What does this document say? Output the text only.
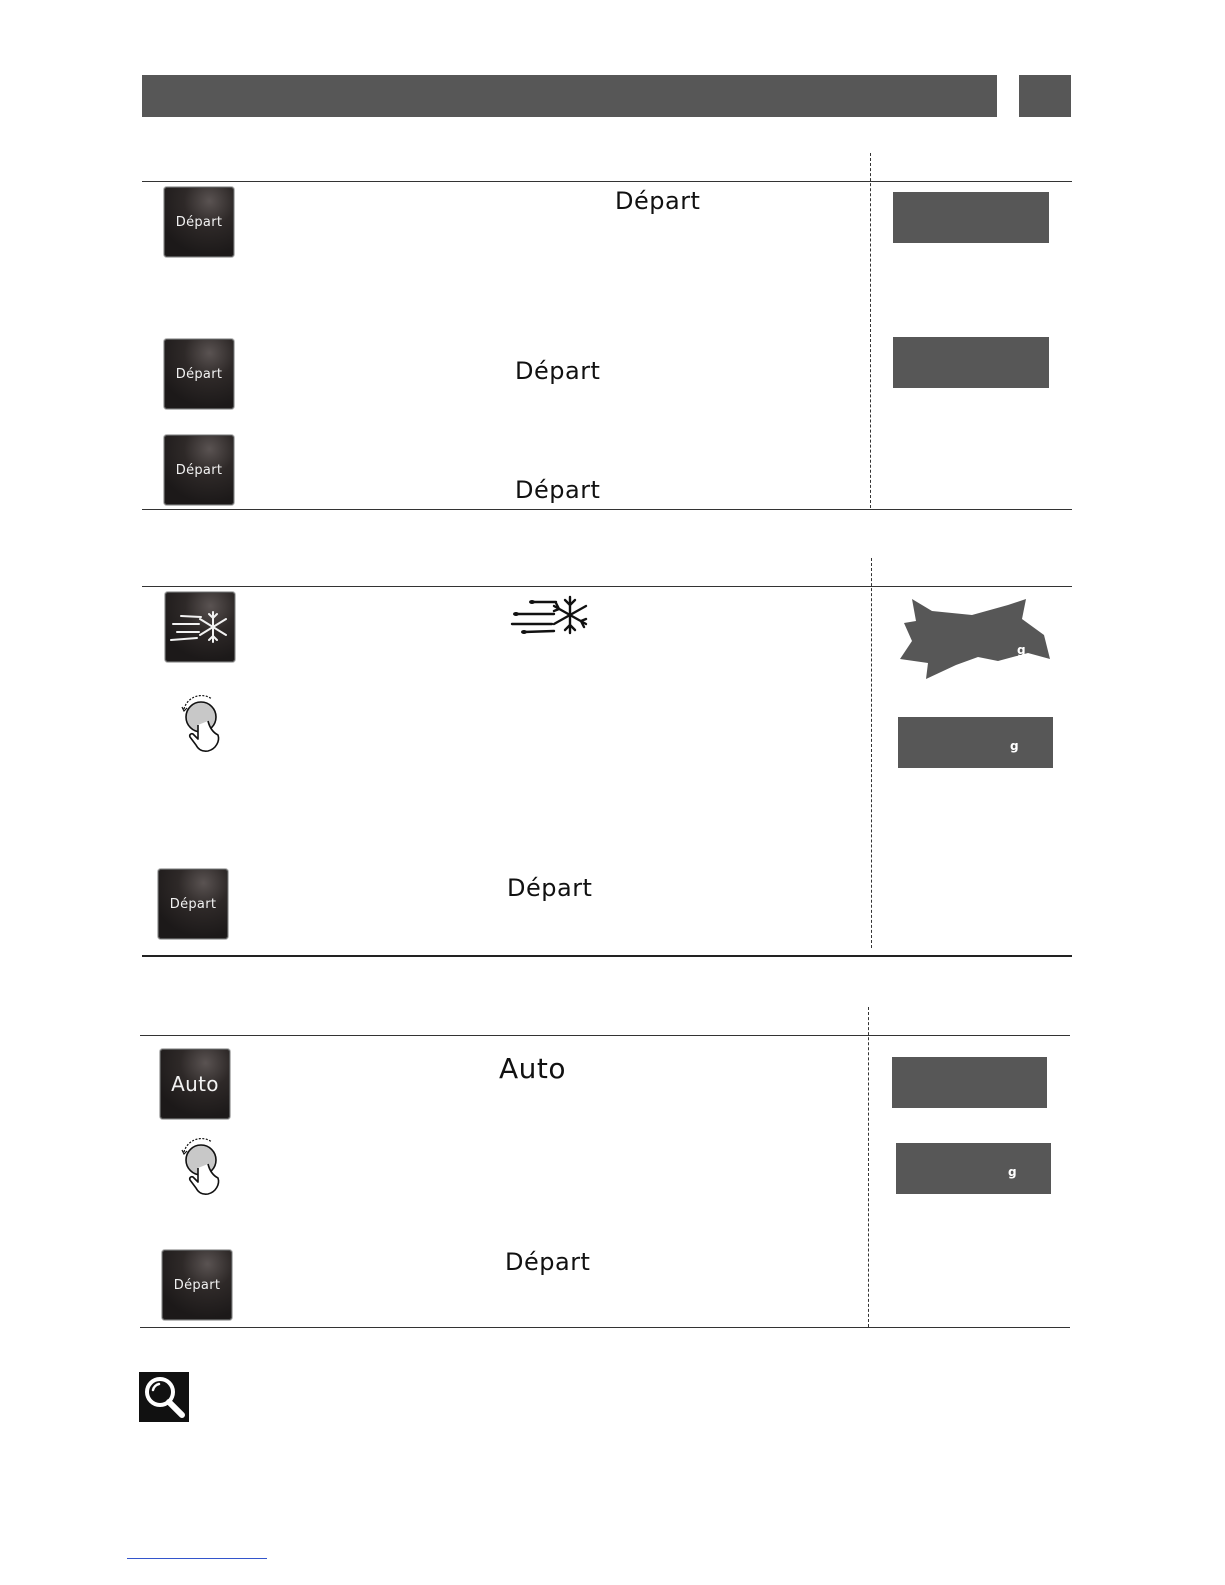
Départ
Départ
Départ	Départ
Départ
Départ
g
g
Départ
Départ
Auto	Auto
g
Départ
Départ
